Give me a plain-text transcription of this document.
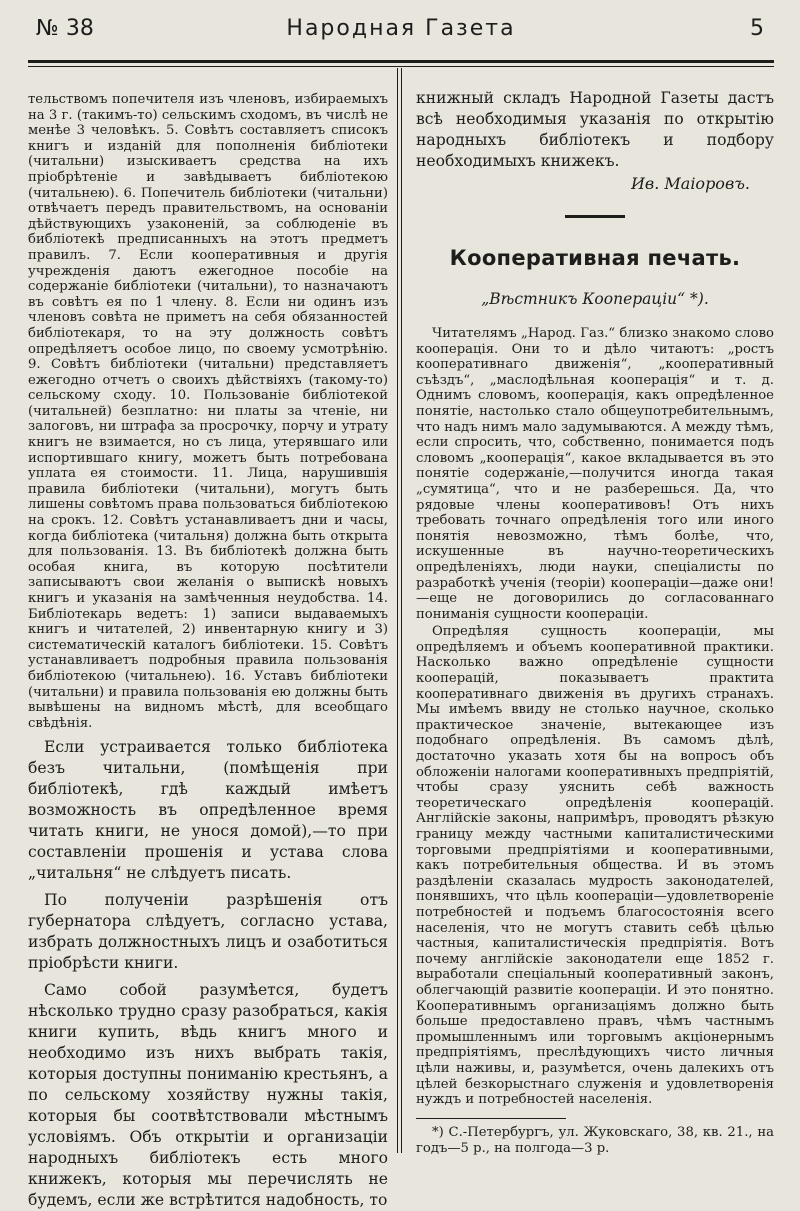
№ 38	Народная Газета	5

тельствомъ попечителя изъ членовъ, избираемыхъ на 3 г. (такимъ-то) сельскимъ сходомъ, въ числѣ не менѣе 3 человѣкъ. 5. Совѣтъ составляетъ списокъ книгъ и изданій для пополненія библіотеки (читальни) изыскиваетъ средства на ихъ пріобрѣтеніе и завѣдываетъ библіотекою (читальнею). 6. Попечитель библіотеки (читальни) отвѣчаетъ передъ правительствомъ, на основаніи дѣйствующихъ узаконеній, за соблюденіе въ библіотекѣ предписанныхъ на этотъ предметъ правилъ. 7. Если кооперативныя и другія учрежденія даютъ ежегодное пособіе на содержаніе библіотеки (читальни), то назначаютъ въ совѣтъ ея по 1 члену. 8. Если ни одинъ изъ членовъ совѣта не приметъ на себя обязанностей библіотекаря, то на эту должность совѣтъ опредѣляетъ особое лицо, по своему усмотрѣнію. 9. Совѣтъ библіотеки (читальни) представляетъ ежегодно отчетъ о своихъ дѣйствіяхъ (такому-то) сельскому сходу. 10. Пользованіе библіотекой (читальней) безплатно: ни платы за чтеніе, ни залоговъ, ни штрафа за просрочку, порчу и утрату книгъ не взимается, но съ лица, утерявшаго или испортившаго книгу, можетъ быть потребована уплата ея стоимости. 11. Лица, нарушившія правила библіотеки (читальни), могутъ быть лишены совѣтомъ права пользоваться библіотекою на срокъ. 12. Совѣтъ устанавливаетъ дни и часы, когда библіотека (читальня) должна быть открыта для пользованія. 13. Въ библіотекѣ должна быть особая книга, въ которую посѣтители записываютъ свои желанія о выпискѣ новыхъ книгъ и указанія на замѣченныя неудобства. 14. Библіотекарь ведетъ: 1) записи выдаваемыхъ книгъ и читателей, 2) инвентарную книгу и 3) систематическій каталогъ библіотеки. 15. Совѣтъ устанавливаетъ подробныя правила пользованія библіотекою (читальнею). 16. Уставъ библіотеки (читальни) и правила пользованія ею должны быть вывѣшены на видномъ мѣстѣ, для всеобщаго свѣдѣнія.

Если устраивается только библіотека безъ читальни, (помѣщенія при библіотекѣ, гдѣ каждый имѣетъ возможность въ опредѣленное время читать книги, не унося домой),—то при составленіи прошенія и устава слова „читальня“ не слѣдуетъ писать.

По полученіи разрѣшенія отъ губернатора слѣдуетъ, согласно устава, избрать должностныхъ лицъ и озаботиться пріобрѣсти книги.

Само собой разумѣется, будетъ нѣсколько трудно сразу разобраться, какія книги купить, вѣдь книгъ много и необходимо изъ нихъ выбрать такія, которыя доступны пониманію крестьянъ, а по сельскому хозяйству нужны такія, которыя бы соотвѣтствовали мѣстнымъ условіямъ. Объ открытіи и организаціи народныхъ библіотекъ есть много книжекъ, которыя мы перечислять не будемъ, если же встрѣтится надобность, то

книжный складъ Народной Газеты дастъ всѣ необходимыя указанія по открытію народныхъ библіотекъ и подбору необходимыхъ книжекъ.

Ив. Маіоровъ.
Кооперативная печать.
„Вѣстникъ Коопераціи“ *).

Читателямъ „Народ. Газ.“ близко знакомо слово кооперація. Они то и дѣло читаютъ: „ростъ кооперативнаго движенія“, „кооперативный съѣздъ“, „маслодѣльная кооперація“ и т. д. Однимъ словомъ, кооперація, какъ опредѣленное понятіе, настолько стало общеупотребительнымъ, что надъ нимъ мало задумываются. А между тѣмъ, если спросить, что, собственно, понимается подъ словомъ „кооперація“, какое вкладывается въ это понятіе содержаніе,—получится иногда такая „сумятица“, что и не разберешься. Да, что рядовые члены кооперативовъ! Отъ нихъ требовать точнаго опредѣленія того или иного понятія невозможно, тѣмъ болѣе, что, искушенные въ научно-теоретическихъ опредѣленіяхъ, люди науки, спеціалисты по разработкѣ ученія (теоріи) коопераціи—даже они!—еще не договорились до согласованнаго пониманія сущности коопераціи.

Опредѣляя сущность коопераціи, мы опредѣляемъ и объемъ кооперативной практики. Насколько важно опредѣленіе сущности кооперацій, показываетъ практита кооперативнаго движенія въ другихъ странахъ. Мы имѣемъ ввиду не столько научное, сколько практическое значеніе, вытекающее изъ подобнаго опредѣленія. Въ самомъ дѣлѣ, достаточно указать хотя бы на вопросъ объ обложеніи налогами кооперативныхъ предпріятій, чтобы сразу уяснить себѣ важность теоретическаго опредѣленія кооперацій. Англійскіе законы, напримѣръ, проводятъ рѣзкую границу между частными капиталистическими торговыми предпріятіями и кооперативными, какъ потребительныя общества. И въ этомъ раздѣленіи сказалась мудрость законодателей, понявшихъ, что цѣль коопераціи—удовлетвореніе потребностей и подъемъ благосостоянія всего населенія, что не могутъ ставить себѣ цѣлью частныя, капиталистическія предпріятія. Вотъ почему англійскіе законодатели еще 1852 г. выработали спеціальный кооперативный законъ, облегчающій развитіе коопераціи. И это понятно. Кооперативнымъ организаціямъ должно быть больше предоставлено правъ, чѣмъ частнымъ промышленнымъ или торговымъ акціонернымъ предпріятіямъ, преслѣдующихъ чисто личныя цѣли наживы, и, разумѣется, очень далекихъ отъ цѣлей безкорыстнаго служенія и удовлетворенія нуждъ и потребностей населенія.

*) С.-Петербургъ, ул. Жуковскаго, 38, кв. 21., на годъ—5 р., на полгода—3 р.
